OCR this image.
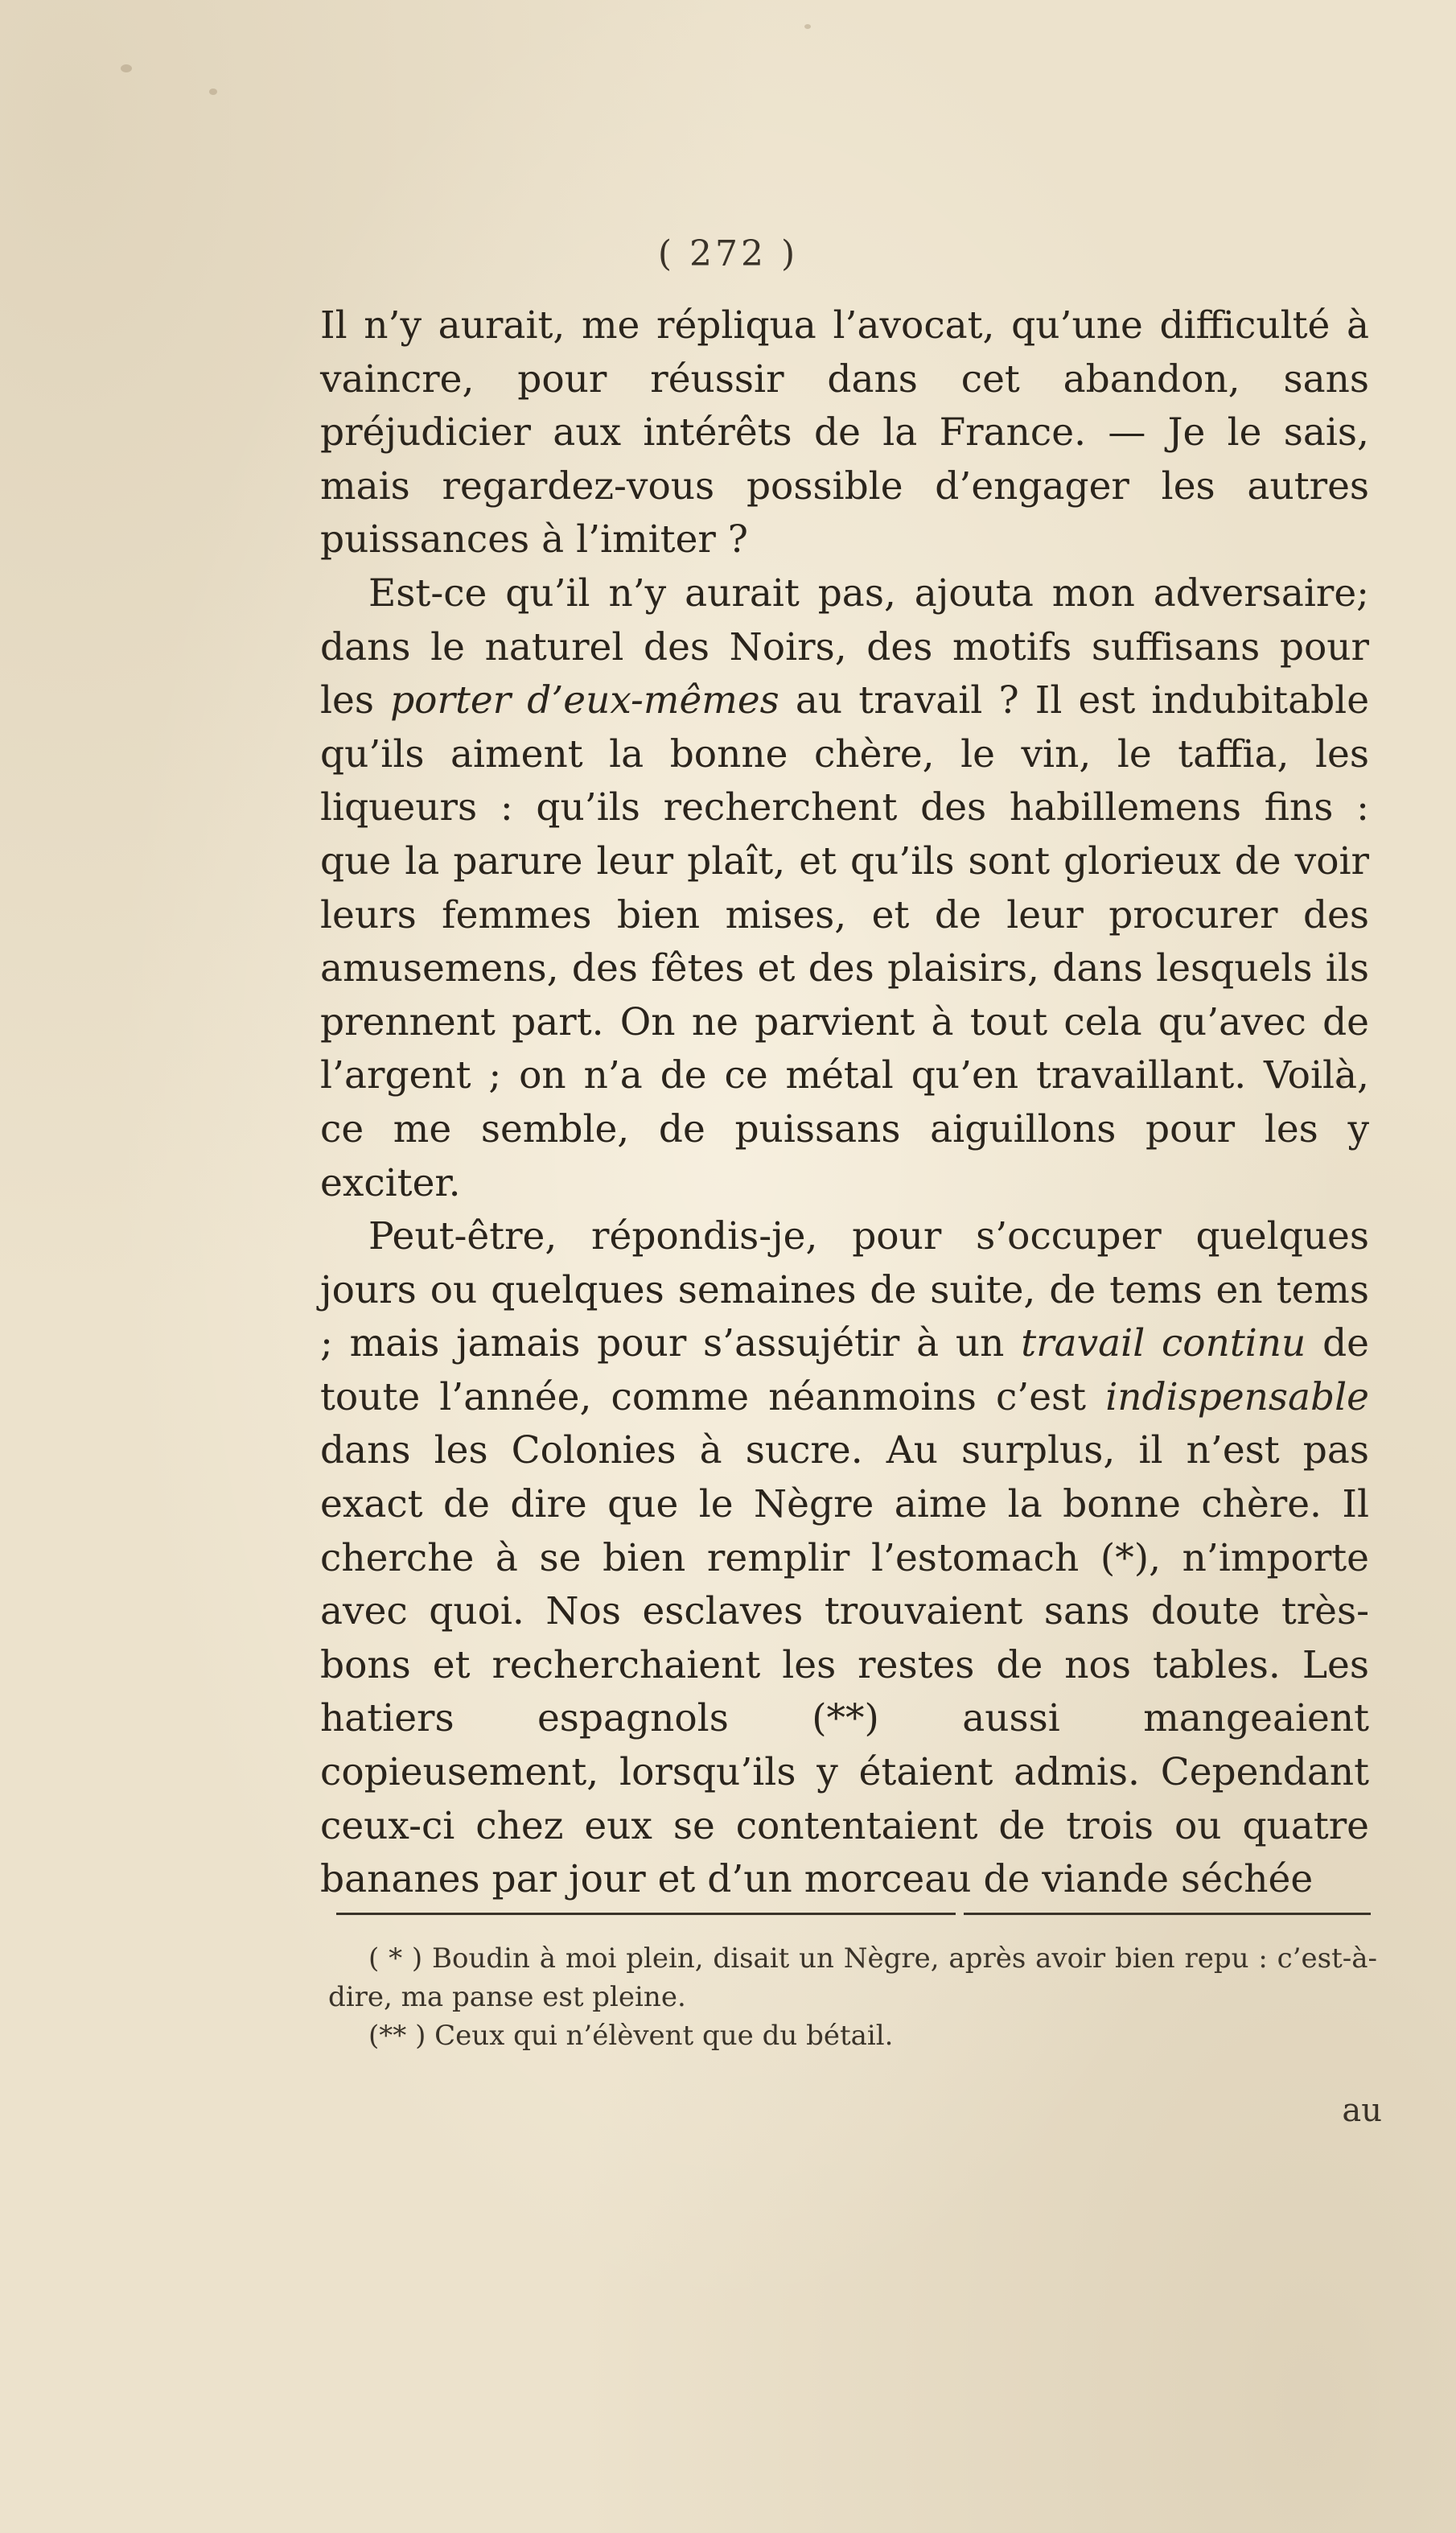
( 272 )

Il n’y aurait, me répliqua l’avocat, qu’une difficulté à vaincre, pour réussir dans cet abandon, sans préjudicier aux intérêts de la France. — Je le sais, mais regardez-vous possible d’engager les autres puissances à l’imiter ?

Est-ce qu’il n’y aurait pas, ajouta mon adversaire; dans le naturel des Noirs, des motifs suffisans pour les porter d’eux-mêmes au travail ? Il est indubitable qu’ils aiment la bonne chère, le vin, le taffia, les liqueurs : qu’ils recherchent des habillemens fins : que la parure leur plaît, et qu’ils sont glorieux de voir leurs femmes bien mises, et de leur procurer des amusemens, des fêtes et des plaisirs, dans lesquels ils prennent part. On ne parvient à tout cela qu’avec de l’argent ; on n’a de ce métal qu’en travaillant. Voilà, ce me semble, de puissans aiguillons pour les y exciter.

Peut-être, répondis-je, pour s’occuper quelques jours ou quelques semaines de suite, de tems en tems ; mais jamais pour s’assujétir à un travail continu de toute l’année, comme néanmoins c’est indispensable dans les Colonies à sucre. Au surplus, il n’est pas exact de dire que le Nègre aime la bonne chère. Il cherche à se bien remplir l’estomach (*), n’importe avec quoi. Nos esclaves trouvaient sans doute très-bons et recherchaient les restes de nos tables. Les hatiers espagnols (**) aussi mangeaient copieusement, lorsqu’ils y étaient admis. Cependant ceux-ci chez eux se contentaient de trois ou quatre bananes par jour et d’un morceau de viande séchée

( * ) Boudin à moi plein, disait un Nègre, après avoir bien repu : c’est-à-dire, ma panse est pleine.

(** ) Ceux qui n’élèvent que du bétail.

au
